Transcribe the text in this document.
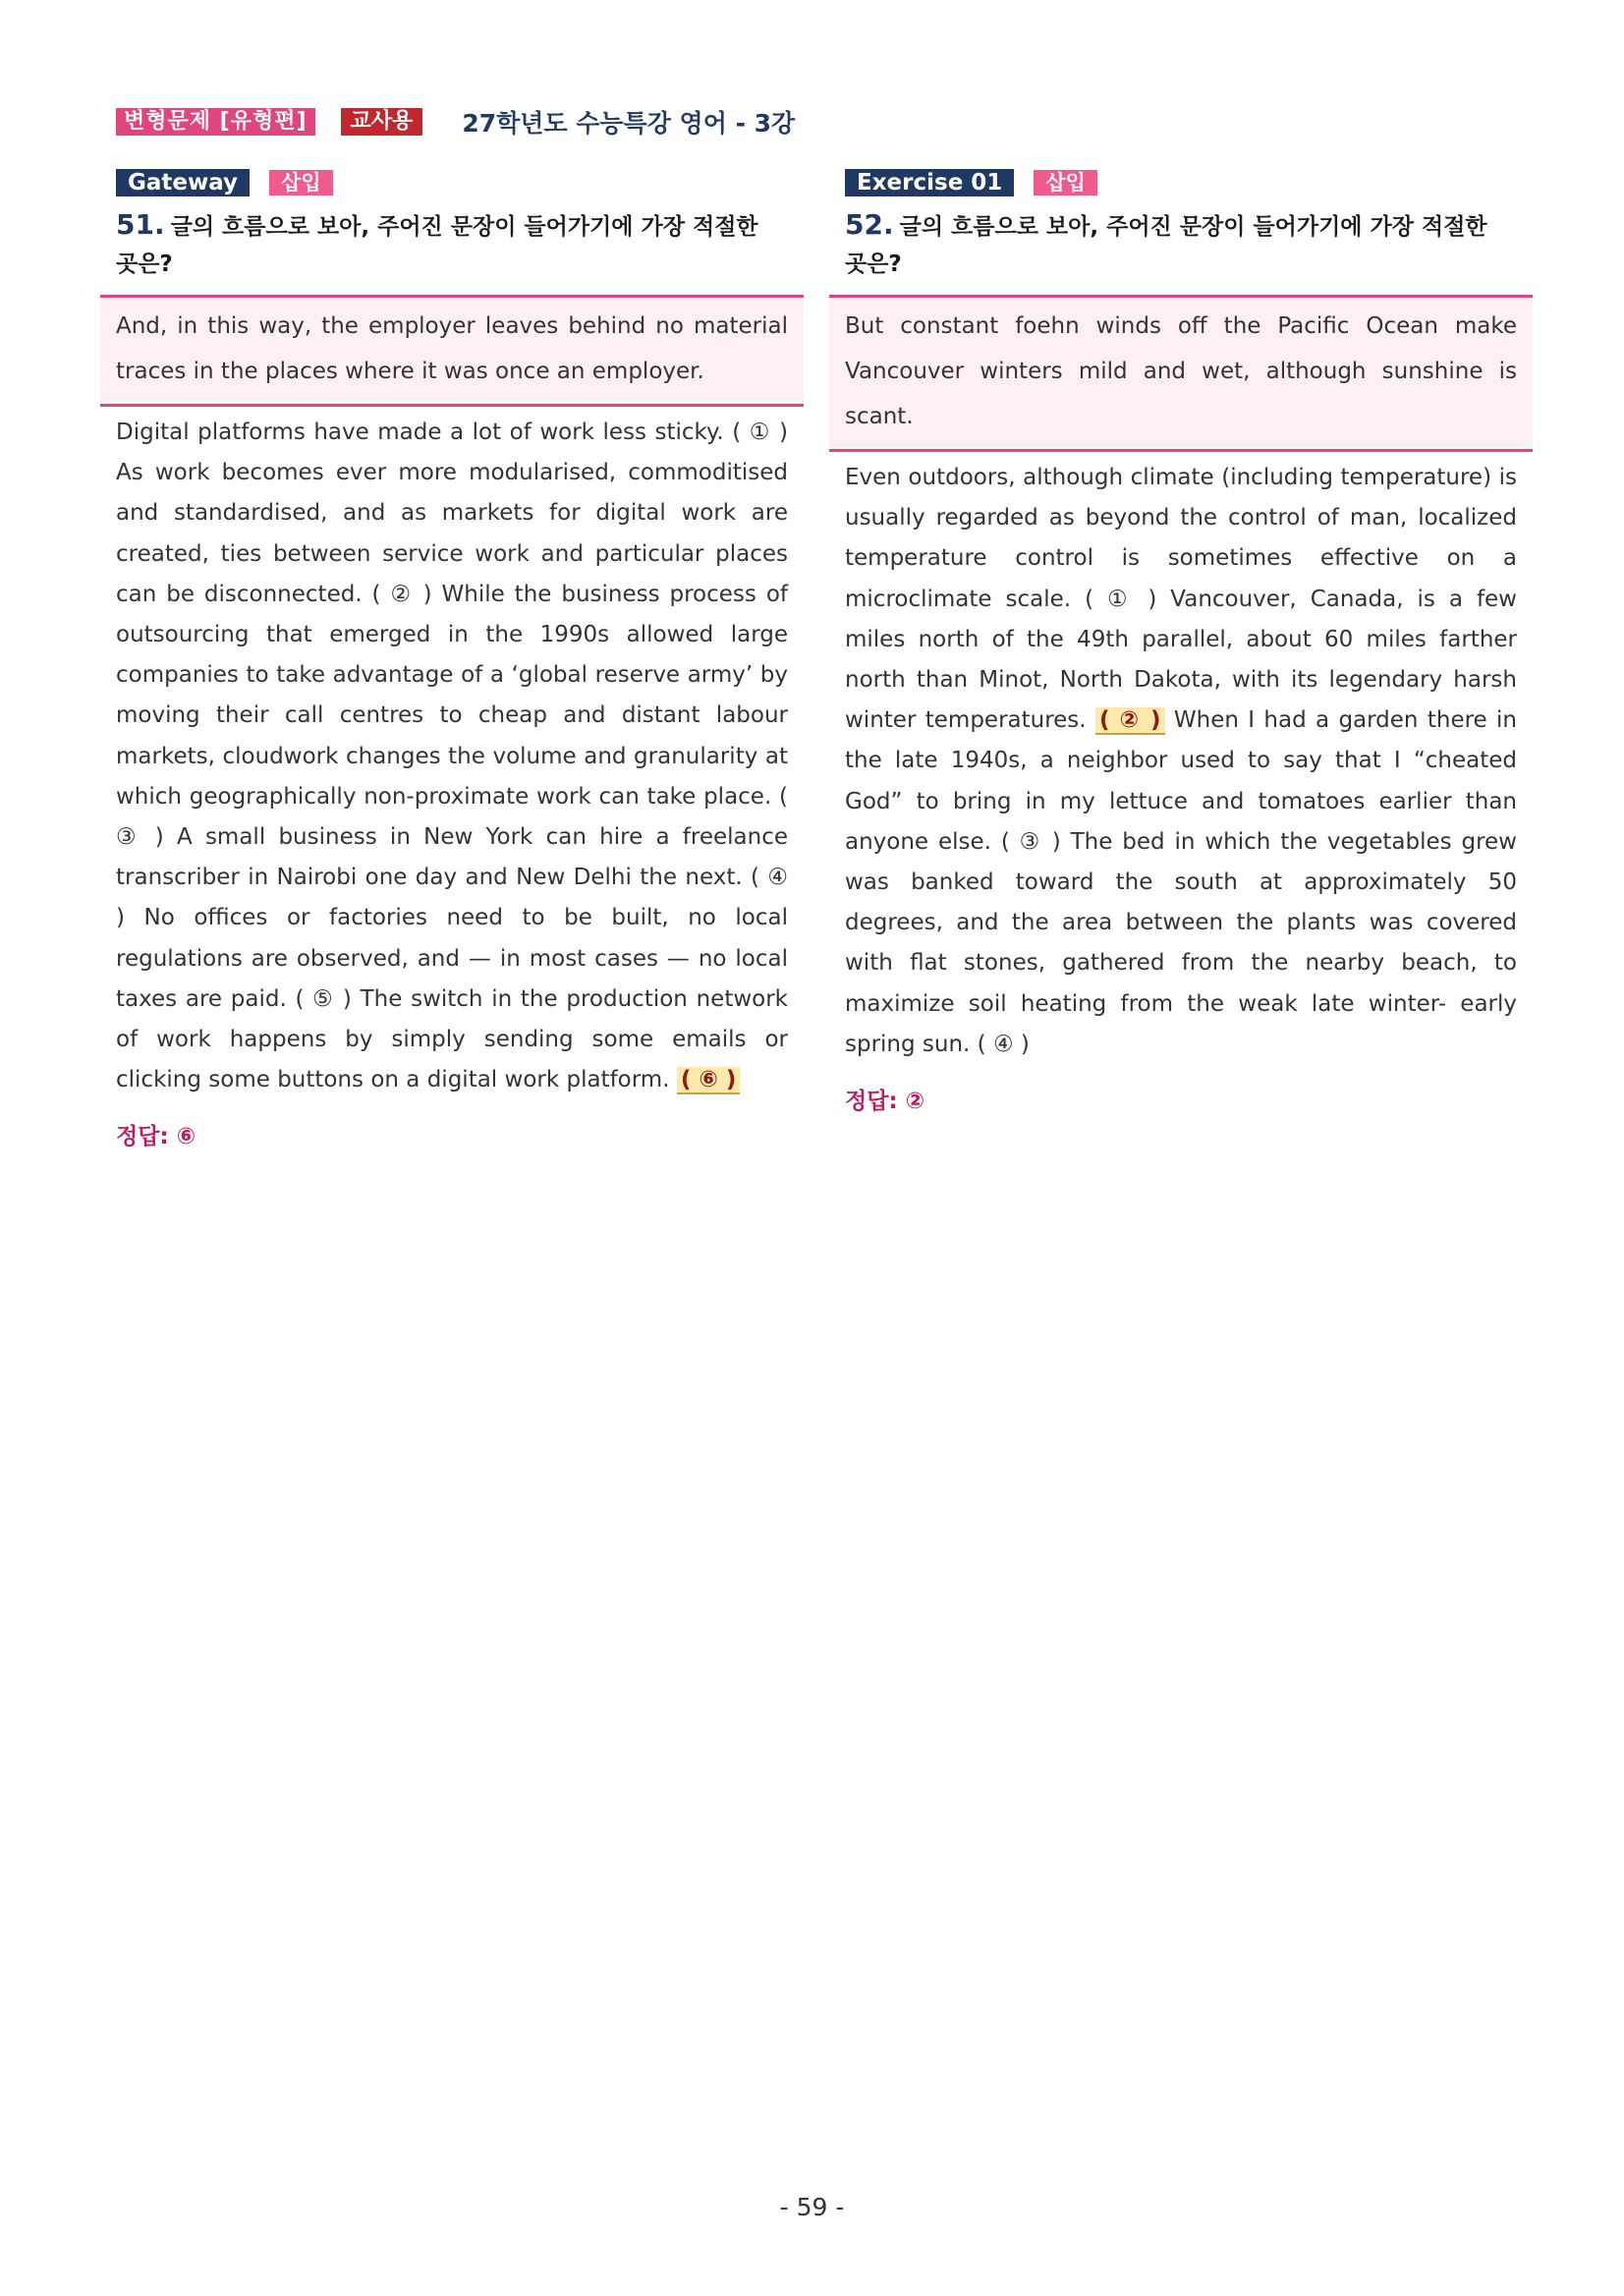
변형문제 [유형편]	교사용	27학년도 수능특강 영어 - 3강
Gateway	삽입
51. 글의 흐름으로 보아, 주어진 문장이 들어가기에 가장 적절한 곳은?
And, in this way, the employer leaves behind no material traces in the places where it was once an employer.
Digital platforms have made a lot of work less sticky. ( ① ) As work becomes ever more modularised, commoditised and standardised, and as markets for digital work are created, ties between service work and particular places can be disconnected. ( ② ) While the business process of outsourcing that emerged in the 1990s allowed large companies to take advantage of a ‘global reserve army’ by moving their call centres to cheap and distant labour markets, cloudwork changes the volume and granularity at which geographically non-proximate work can take place. ( ③ ) A small business in New York can hire a freelance transcriber in Nairobi one day and New Delhi the next. ( ④ ) No offices or factories need to be built, no local regulations are observed, and — in most cases — no local taxes are paid. ( ⑤ ) The switch in the production network of work happens by simply sending some emails or clicking some buttons on a digital work platform. ( ⑥ )
정답: ⑥
Exercise 01	삽입
52. 글의 흐름으로 보아, 주어진 문장이 들어가기에 가장 적절한 곳은?
But constant foehn winds off the Pacific Ocean make Vancouver winters mild and wet, although sunshine is scant.
Even outdoors, although climate (including temperature) is usually regarded as beyond the control of man, localized temperature control is sometimes effective on a microclimate scale. ( ① ) Vancouver, Canada, is a few miles north of the 49th parallel, about 60 miles farther north than Minot, North Dakota, with its legendary harsh winter temperatures. ( ② ) When I had a garden there in the late 1940s, a neighbor used to say that I “cheated God” to bring in my lettuce and tomatoes earlier than anyone else. ( ③ ) The bed in which the vegetables grew was banked toward the south at approximately 50 degrees, and the area between the plants was covered with flat stones, gathered from the nearby beach, to maximize soil heating from the weak late winter- early spring sun. ( ④ )
정답: ②
- 59 -
